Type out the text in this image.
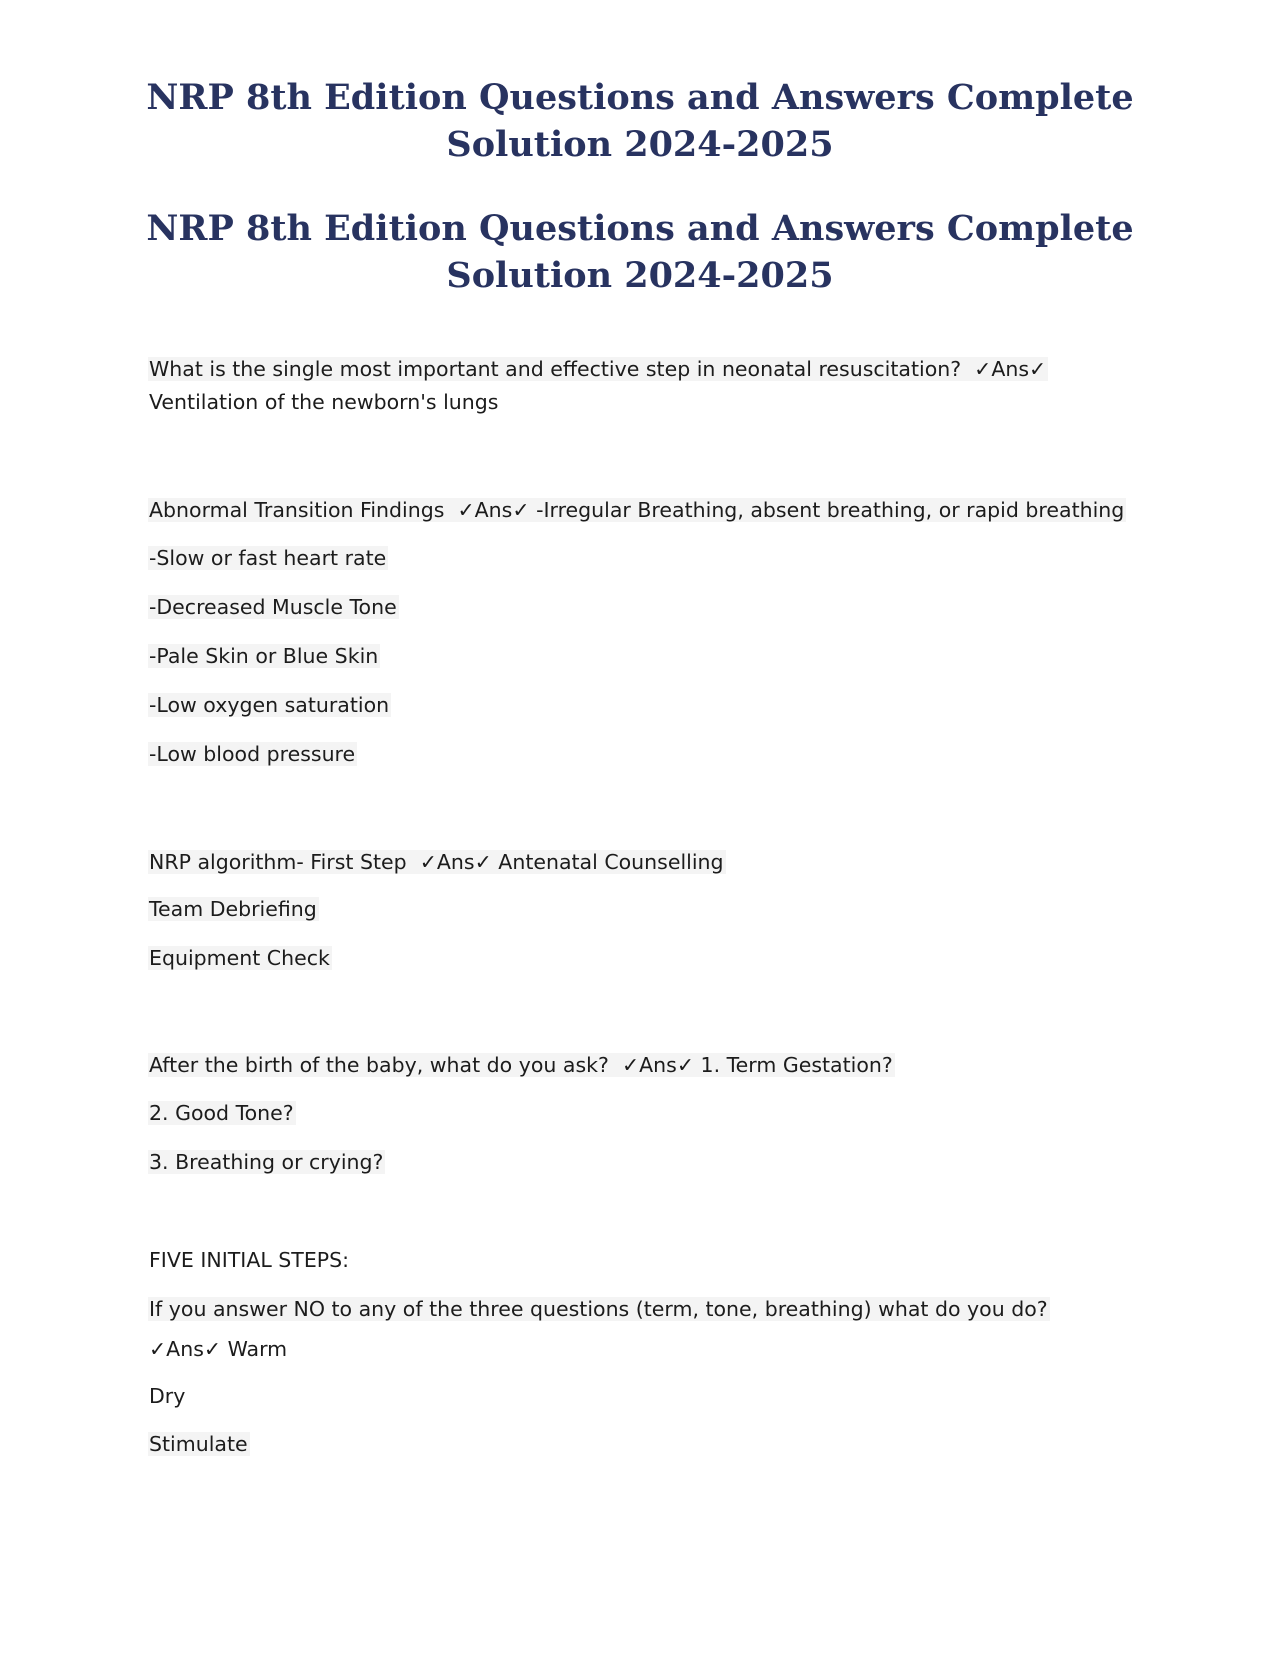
NRP 8th Edition Questions and Answers Complete
Solution 2024-2025
NRP 8th Edition Questions and Answers Complete
Solution 2024-2025

What is the single most important and effective step in neonatal resuscitation? ✓Ans✓

Ventilation of the newborn's lungs

Abnormal Transition Findings ✓Ans✓ -Irregular Breathing, absent breathing, or rapid breathing

-Slow or fast heart rate

-Decreased Muscle Tone

-Pale Skin or Blue Skin

-Low oxygen saturation

-Low blood pressure

NRP algorithm- First Step ✓Ans✓ Antenatal Counselling

Team Debriefing

Equipment Check

After the birth of the baby, what do you ask? ✓Ans✓ 1. Term Gestation?

2. Good Tone?

3. Breathing or crying?

FIVE INITIAL STEPS:

If you answer NO to any of the three questions (term, tone, breathing) what do you do?

✓Ans✓ Warm

Dry

Stimulate
